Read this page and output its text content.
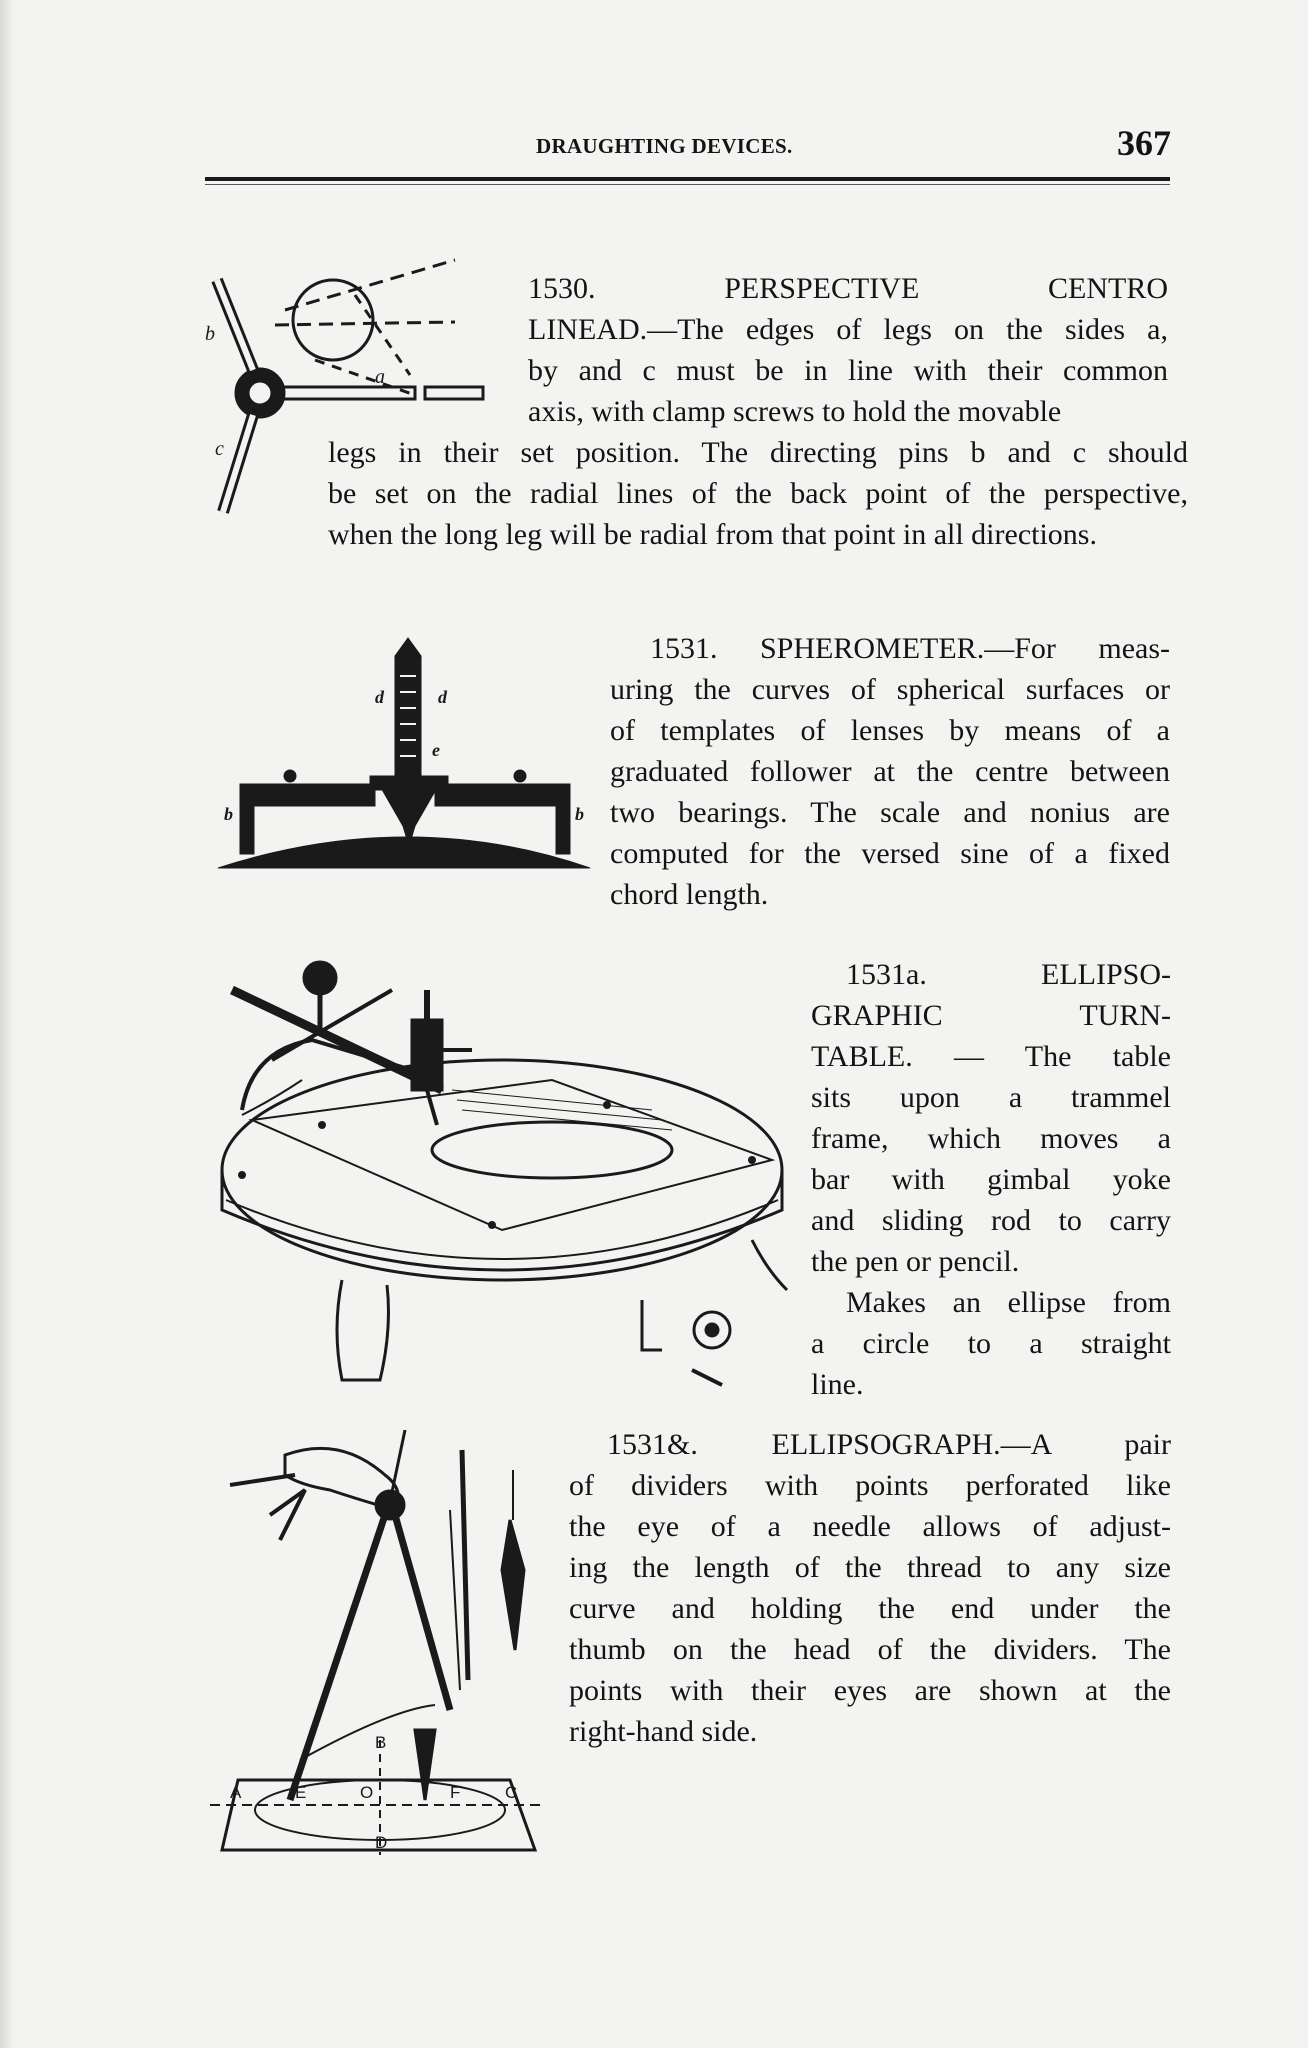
DRAUGHTING DEVICES.	367
b
c
a

1530. PERSPECTIVE CENTRO

LINEAD.—The edges of legs on the sides a,

by and c must be in line with their common

axis, with clamp screws to hold the movable

legs in their set position. The directing pins b and c should

be set on the radial lines of the back point of the perspective,

when the long leg will be radial from that point in all directions.

d	d
e
b	b

1531. SPHEROMETER.—For meas-

uring the curves of spherical surfaces or

of templates of lenses by means of a

graduated follower at the centre between

two bearings. The scale and nonius are

computed for the versed sine of a fixed

chord length.

1531a. ELLIPSO-

GRAPHIC TURN-

TABLE. — The table

sits upon a trammel

frame, which moves a

bar with gimbal yoke

and sliding rod to carry

the pen or pencil.

Makes an ellipse from

a circle to a straight

line.

A	E	O	F	C
B
D

1531&. ELLIPSOGRAPH.—A pair

of dividers with points perforated like

the eye of a needle allows of adjust-

ing the length of the thread to any size

curve and holding the end under the

thumb on the head of the dividers. The

points with their eyes are shown at the

right-hand side.
